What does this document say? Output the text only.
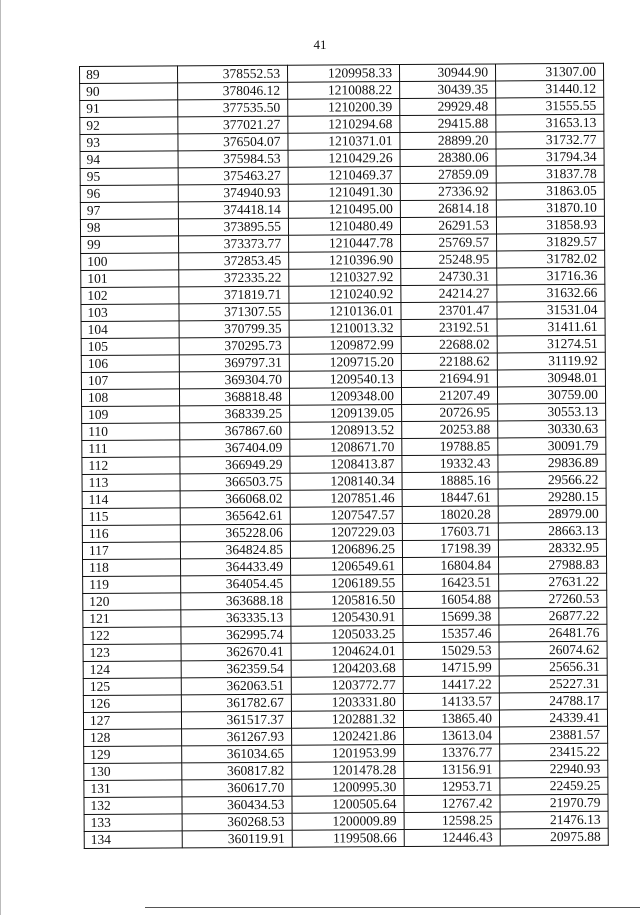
41
89	378552.53	1209958.33	30944.90	31307.00
90	378046.12	1210088.22	30439.35	31440.12
91	377535.50	1210200.39	29929.48	31555.55
92	377021.27	1210294.68	29415.88	31653.13
93	376504.07	1210371.01	28899.20	31732.77
94	375984.53	1210429.26	28380.06	31794.34
95	375463.27	1210469.37	27859.09	31837.78
96	374940.93	1210491.30	27336.92	31863.05
97	374418.14	1210495.00	26814.18	31870.10
98	373895.55	1210480.49	26291.53	31858.93
99	373373.77	1210447.78	25769.57	31829.57
100	372853.45	1210396.90	25248.95	31782.02
101	372335.22	1210327.92	24730.31	31716.36
102	371819.71	1210240.92	24214.27	31632.66
103	371307.55	1210136.01	23701.47	31531.04
104	370799.35	1210013.32	23192.51	31411.61
105	370295.73	1209872.99	22688.02	31274.51
106	369797.31	1209715.20	22188.62	31119.92
107	369304.70	1209540.13	21694.91	30948.01
108	368818.48	1209348.00	21207.49	30759.00
109	368339.25	1209139.05	20726.95	30553.13
110	367867.60	1208913.52	20253.88	30330.63
111	367404.09	1208671.70	19788.85	30091.79
112	366949.29	1208413.87	19332.43	29836.89
113	366503.75	1208140.34	18885.16	29566.22
114	366068.02	1207851.46	18447.61	29280.15
115	365642.61	1207547.57	18020.28	28979.00
116	365228.06	1207229.03	17603.71	28663.13
117	364824.85	1206896.25	17198.39	28332.95
118	364433.49	1206549.61	16804.84	27988.83
119	364054.45	1206189.55	16423.51	27631.22
120	363688.18	1205816.50	16054.88	27260.53
121	363335.13	1205430.91	15699.38	26877.22
122	362995.74	1205033.25	15357.46	26481.76
123	362670.41	1204624.01	15029.53	26074.62
124	362359.54	1204203.68	14715.99	25656.31
125	362063.51	1203772.77	14417.22	25227.31
126	361782.67	1203331.80	14133.57	24788.17
127	361517.37	1202881.32	13865.40	24339.41
128	361267.93	1202421.86	13613.04	23881.57
129	361034.65	1201953.99	13376.77	23415.22
130	360817.82	1201478.28	13156.91	22940.93
131	360617.70	1200995.30	12953.71	22459.25
132	360434.53	1200505.64	12767.42	21970.79
133	360268.53	1200009.89	12598.25	21476.13
134	360119.91	1199508.66	12446.43	20975.88
